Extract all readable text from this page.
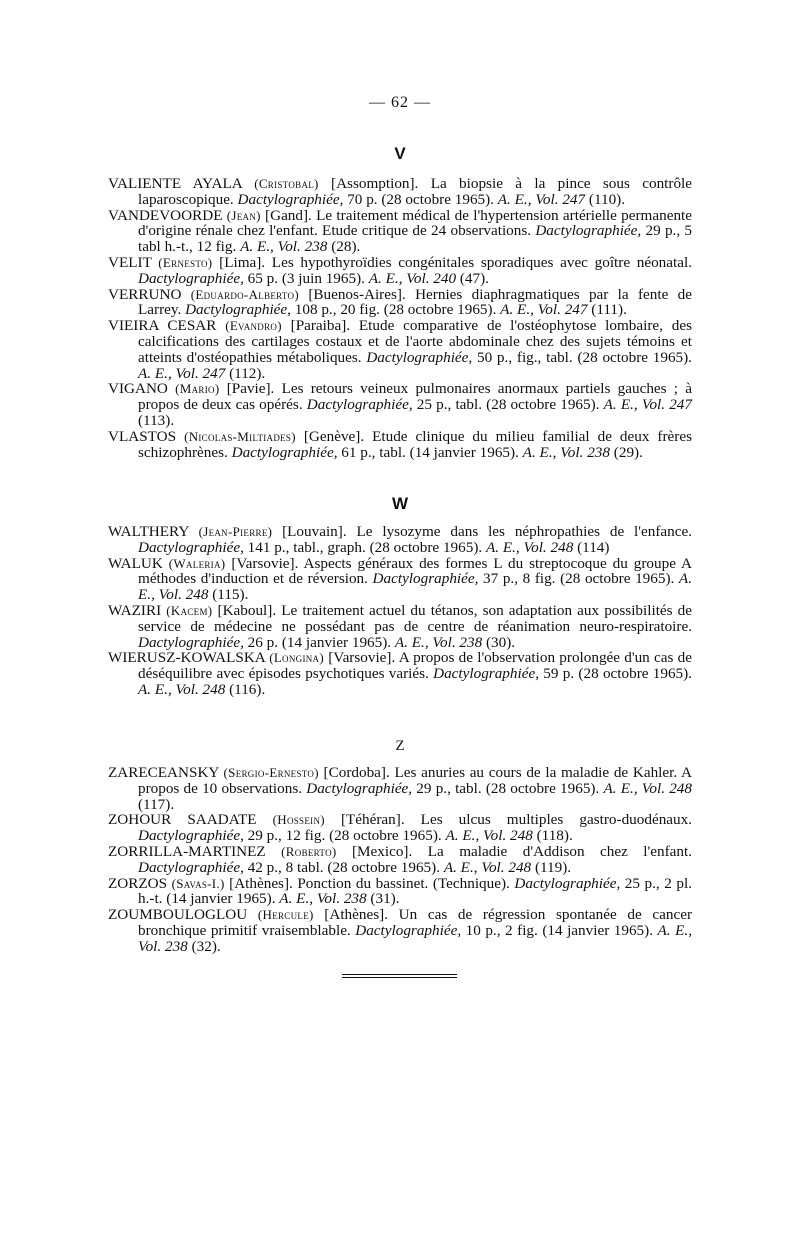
— 62 —
V

VALIENTE AYALA (Cristobal) [Assomption]. La biopsie à la pince sous contrôle laparoscopique. Dactylographiée, 70 p. (28 octobre 1965). A. E., Vol. 247 (110).

VANDEVOORDE (Jean) [Gand]. Le traitement médical de l'hypertension artérielle permanente d'origine rénale chez l'enfant. Etude critique de 24 observations. Dactylographiée, 29 p., 5 tabl h.-t., 12 fig. A. E., Vol. 238 (28).

VELIT (Ernesto) [Lima]. Les hypothyroïdies congénitales sporadiques avec goître néonatal. Dactylographiée, 65 p. (3 juin 1965). A. E., Vol. 240 (47).

VERRUNO (Eduardo-Alberto) [Buenos-Aires]. Hernies diaphragmatiques par la fente de Larrey. Dactylographiée, 108 p., 20 fig. (28 octobre 1965). A. E., Vol. 247 (111).

VIEIRA CESAR (Evandro) [Paraiba]. Etude comparative de l'ostéophytose lombaire, des calcifications des cartilages costaux et de l'aorte abdominale chez des sujets témoins et atteints d'ostéopathies métaboliques. Dactylographiée, 50 p., fig., tabl. (28 octobre 1965). A. E., Vol. 247 (112).

VIGANO (Mario) [Pavie]. Les retours veineux pulmonaires anormaux partiels gauches ; à propos de deux cas opérés. Dactylographiée, 25 p., tabl. (28 octobre 1965). A. E., Vol. 247 (113).

VLASTOS (Nicolas-Miltiades) [Genève]. Etude clinique du milieu familial de deux frères schizophrènes. Dactylographiée, 61 p., tabl. (14 janvier 1965). A. E., Vol. 238 (29).

W

WALTHERY (Jean-Pierre) [Louvain]. Le lysozyme dans les néphropathies de l'enfance. Dactylographiée, 141 p., tabl., graph. (28 octobre 1965). A. E., Vol. 248 (114)

WALUK (Waleria) [Varsovie]. Aspects généraux des formes L du streptocoque du groupe A méthodes d'induction et de réversion. Dactylographiée, 37 p., 8 fig. (28 octobre 1965). A. E., Vol. 248 (115).

WAZIRI (Kacem) [Kaboul]. Le traitement actuel du tétanos, son adaptation aux possibilités de service de médecine ne possédant pas de centre de réanimation neuro-respiratoire. Dactylographiée, 26 p. (14 janvier 1965). A. E., Vol. 238 (30).

WIERUSZ-KOWALSKA (Longina) [Varsovie]. A propos de l'observation prolongée d'un cas de déséquilibre avec épisodes psychotiques variés. Dactylographiée, 59 p. (28 octobre 1965). A. E., Vol. 248 (116).

Z

ZARECEANSKY (Sergio-Ernesto) [Cordoba]. Les anuries au cours de la maladie de Kahler. A propos de 10 observations. Dactylographiée, 29 p., tabl. (28 octobre 1965). A. E., Vol. 248 (117).

ZOHOUR SAADATE (Hossein) [Téhéran]. Les ulcus multiples gastro-duodénaux. Dactylographiée, 29 p., 12 fig. (28 octobre 1965). A. E., Vol. 248 (118).

ZORRILLA-MARTINEZ (Roberto) [Mexico]. La maladie d'Addison chez l'enfant. Dactylographiée, 42 p., 8 tabl. (28 octobre 1965). A. E., Vol. 248 (119).

ZORZOS (Savas-I.) [Athènes]. Ponction du bassinet. (Technique). Dactylographiée, 25 p., 2 pl. h.-t. (14 janvier 1965). A. E., Vol. 238 (31).

ZOUMBOULOGLOU (Hercule) [Athènes]. Un cas de régression spontanée de cancer bronchique primitif vraisemblable. Dactylographiée, 10 p., 2 fig. (14 janvier 1965). A. E., Vol. 238 (32).
